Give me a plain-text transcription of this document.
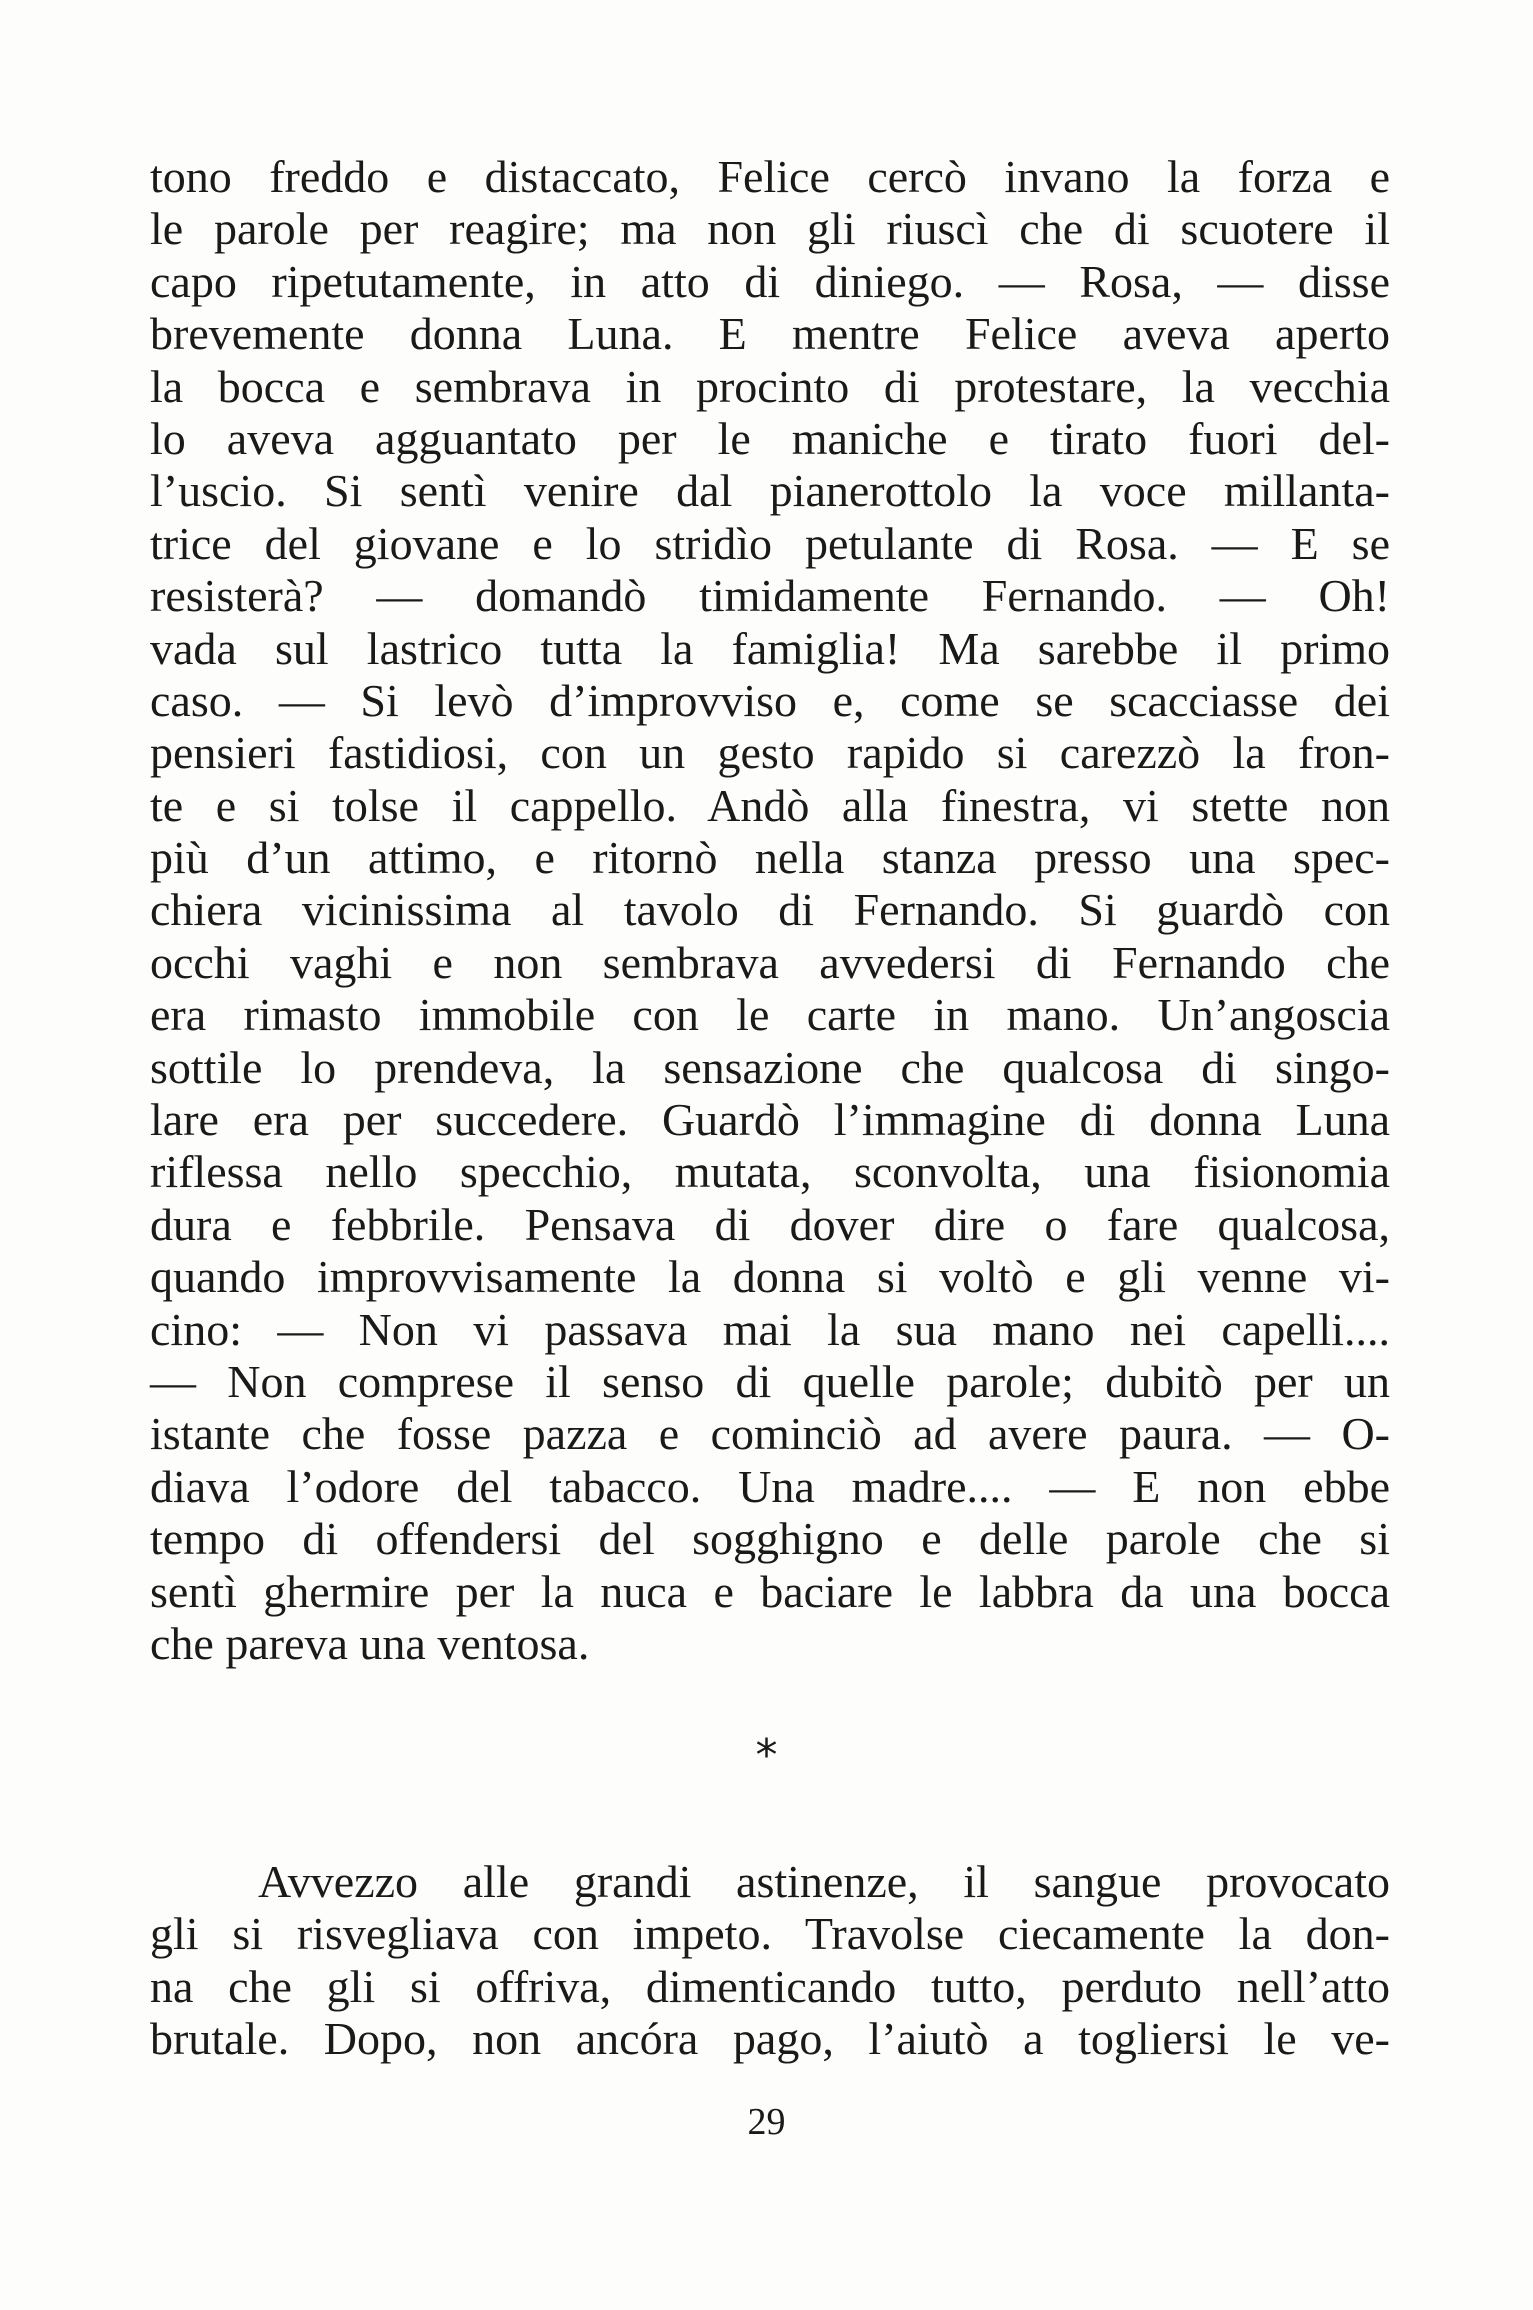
tono freddo e distaccato, Felice cercò invano la forza e
le parole per reagire; ma non gli riuscì che di scuotere il
capo ripetutamente, in atto di diniego. — Rosa, — disse
brevemente donna Luna. E mentre Felice aveva aperto
la bocca e sembrava in procinto di protestare, la vecchia
lo aveva agguantato per le maniche e tirato fuori del-
l’uscio. Si sentì venire dal pianerottolo la voce millanta-
trice del giovane e lo stridìo petulante di Rosa. — E se
resisterà? — domandò timidamente Fernando. — Oh!
vada sul lastrico tutta la famiglia! Ma sarebbe il primo
caso. — Si levò d’improvviso e, come se scacciasse dei
pensieri fastidiosi, con un gesto rapido si carezzò la fron-
te e si tolse il cappello. Andò alla finestra, vi stette non
più d’un attimo, e ritornò nella stanza presso una spec-
chiera vicinissima al tavolo di Fernando. Si guardò con
occhi vaghi e non sembrava avvedersi di Fernando che
era rimasto immobile con le carte in mano. Un’angoscia
sottile lo prendeva, la sensazione che qualcosa di singo-
lare era per succedere. Guardò l’immagine di donna Luna
riflessa nello specchio, mutata, sconvolta, una fisionomia
dura e febbrile. Pensava di dover dire o fare qualcosa,
quando improvvisamente la donna si voltò e gli venne vi-
cino: — Non vi passava mai la sua mano nei capelli....
— Non comprese il senso di quelle parole; dubitò per un
istante che fosse pazza e cominciò ad avere paura. — O-
diava l’odore del tabacco. Una madre.... — E non ebbe
tempo di offendersi del sogghigno e delle parole che si
sentì ghermire per la nuca e baciare le labbra da una bocca
che pareva una ventosa.
*
Avvezzo alle grandi astinenze, il sangue provocato
gli si risvegliava con impeto. Travolse ciecamente la don-
na che gli si offriva, dimenticando tutto, perduto nell’atto
brutale. Dopo, non ancóra pago, l’aiutò a togliersi le ve-
29
